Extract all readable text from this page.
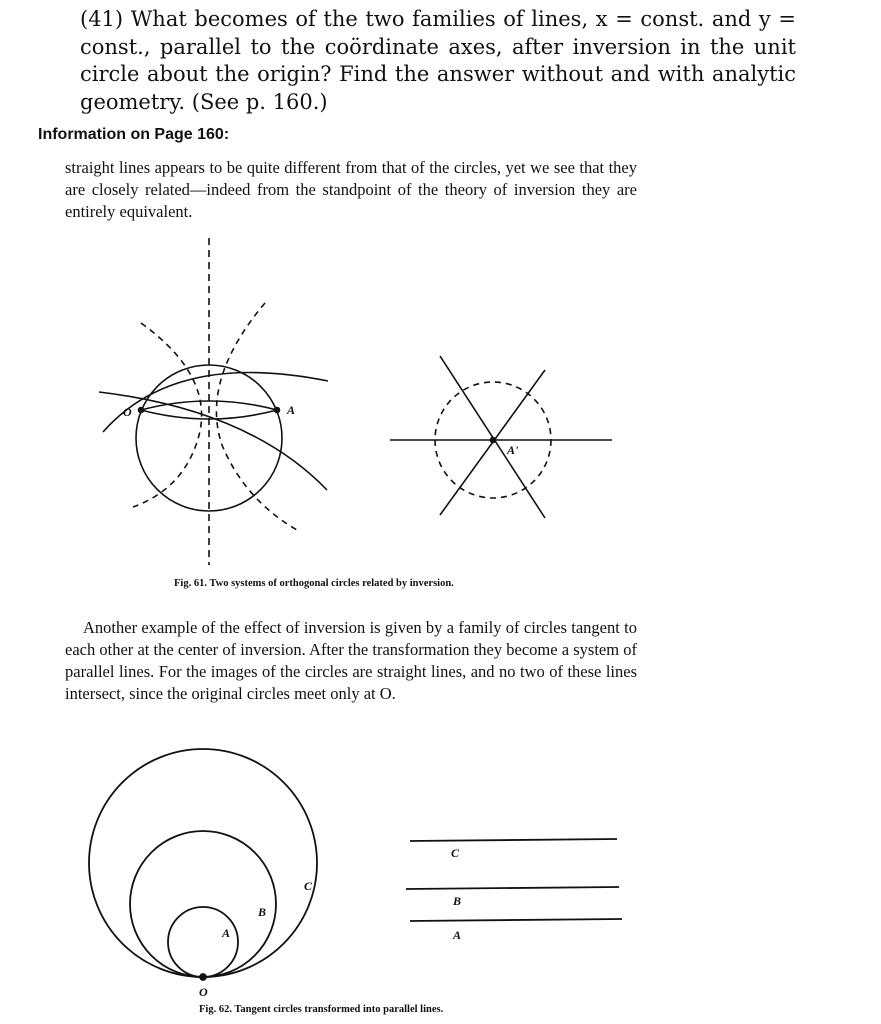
(41) What becomes of the two families of lines, x = const. and y = const., parallel to the coördinate axes, after inversion in the unit circle about the origin? Find the answer without and with analytic geometry. (See p. 160.)
Information on Page 160:

straight lines appears to be quite different from that of the circles, yet we see that they are closely related—indeed from the standpoint of the theory of inversion they are entirely equivalent.

O	A
A'
Fig. 61. Two systems of orthogonal circles related by inversion.

Another example of the effect of inversion is given by a family of circles tangent to each other at the center of inversion. After the transformation they become a system of parallel lines. For the images of the circles are straight lines, and no two of these lines intersect, since the original circles meet only at O.

O
A
B
C
C
B
A
Fig. 62. Tangent circles transformed into parallel lines.
